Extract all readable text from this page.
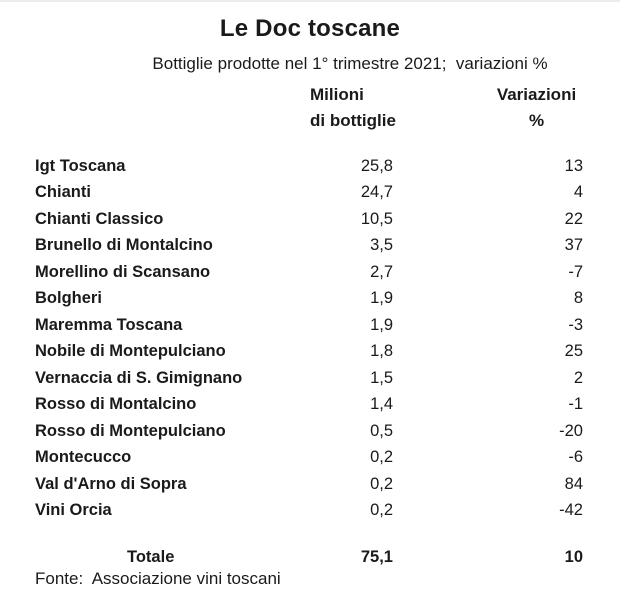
Le Doc toscane
Bottiglie prodotte nel 1° trimestre 2021;  variazioni %
Milioni
di bottiglie
Variazioni
%
Igt Toscana	25,8	13
Chianti	24,7	4
Chianti Classico	10,5	22
Brunello di Montalcino	3,5	37
Morellino di Scansano	2,7	-7
Bolgheri	1,9	8
Maremma Toscana	1,9	-3
Nobile di Montepulciano	1,8	25
Vernaccia di S. Gimignano	1,5	2
Rosso di Montalcino	1,4	-1
Rosso di Montepulciano	0,5	-20
Montecucco	0,2	-6
Val d'Arno di Sopra	0,2	84
Vini Orcia	0,2	-42
Totale	75,1	10
Fonte:  Associazione vini toscani
